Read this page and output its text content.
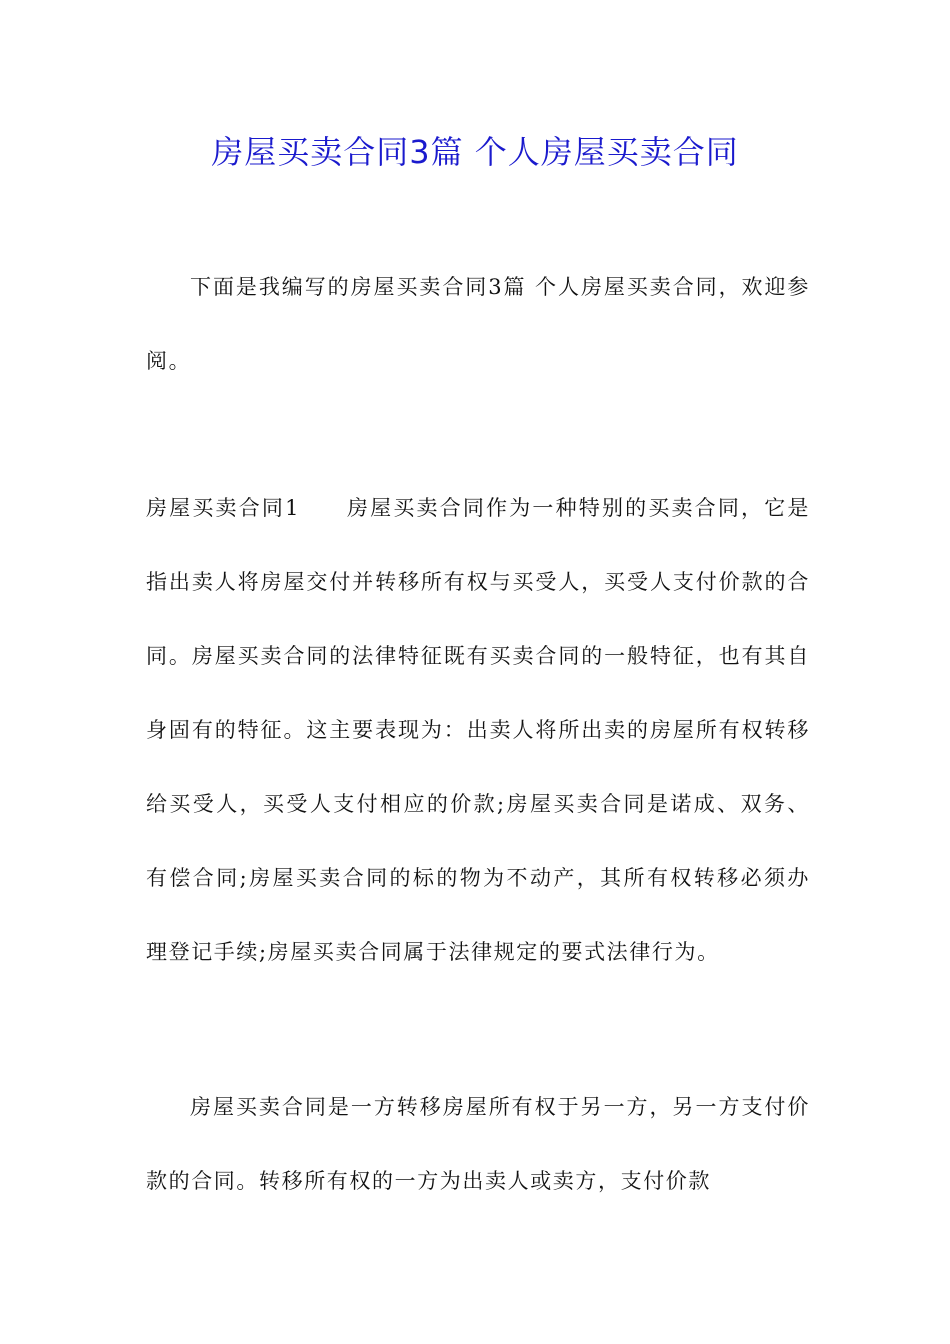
房屋买卖合同3篇 个人房屋买卖合同

下面是我编写的房屋买卖合同3篇 个人房屋买卖合同，欢迎参阅。

房屋买卖合同1　　房屋买卖合同作为一种特别的买卖合同，它是指出卖人将房屋交付并转移所有权与买受人，买受人支付价款的合同。房屋买卖合同的法律特征既有买卖合同的一般特征，也有其自身固有的特征。这主要表现为：出卖人将所出卖的房屋所有权转移给买受人，买受人支付相应的价款;房屋买卖合同是诺成、双务、有偿合同;房屋买卖合同的标的物为不动产，其所有权转移必须办理登记手续;房屋买卖合同属于法律规定的要式法律行为。

房屋买卖合同是一方转移房屋所有权于另一方，另一方支付价款的合同。转移所有权的一方为出卖人或卖方，支付价款
